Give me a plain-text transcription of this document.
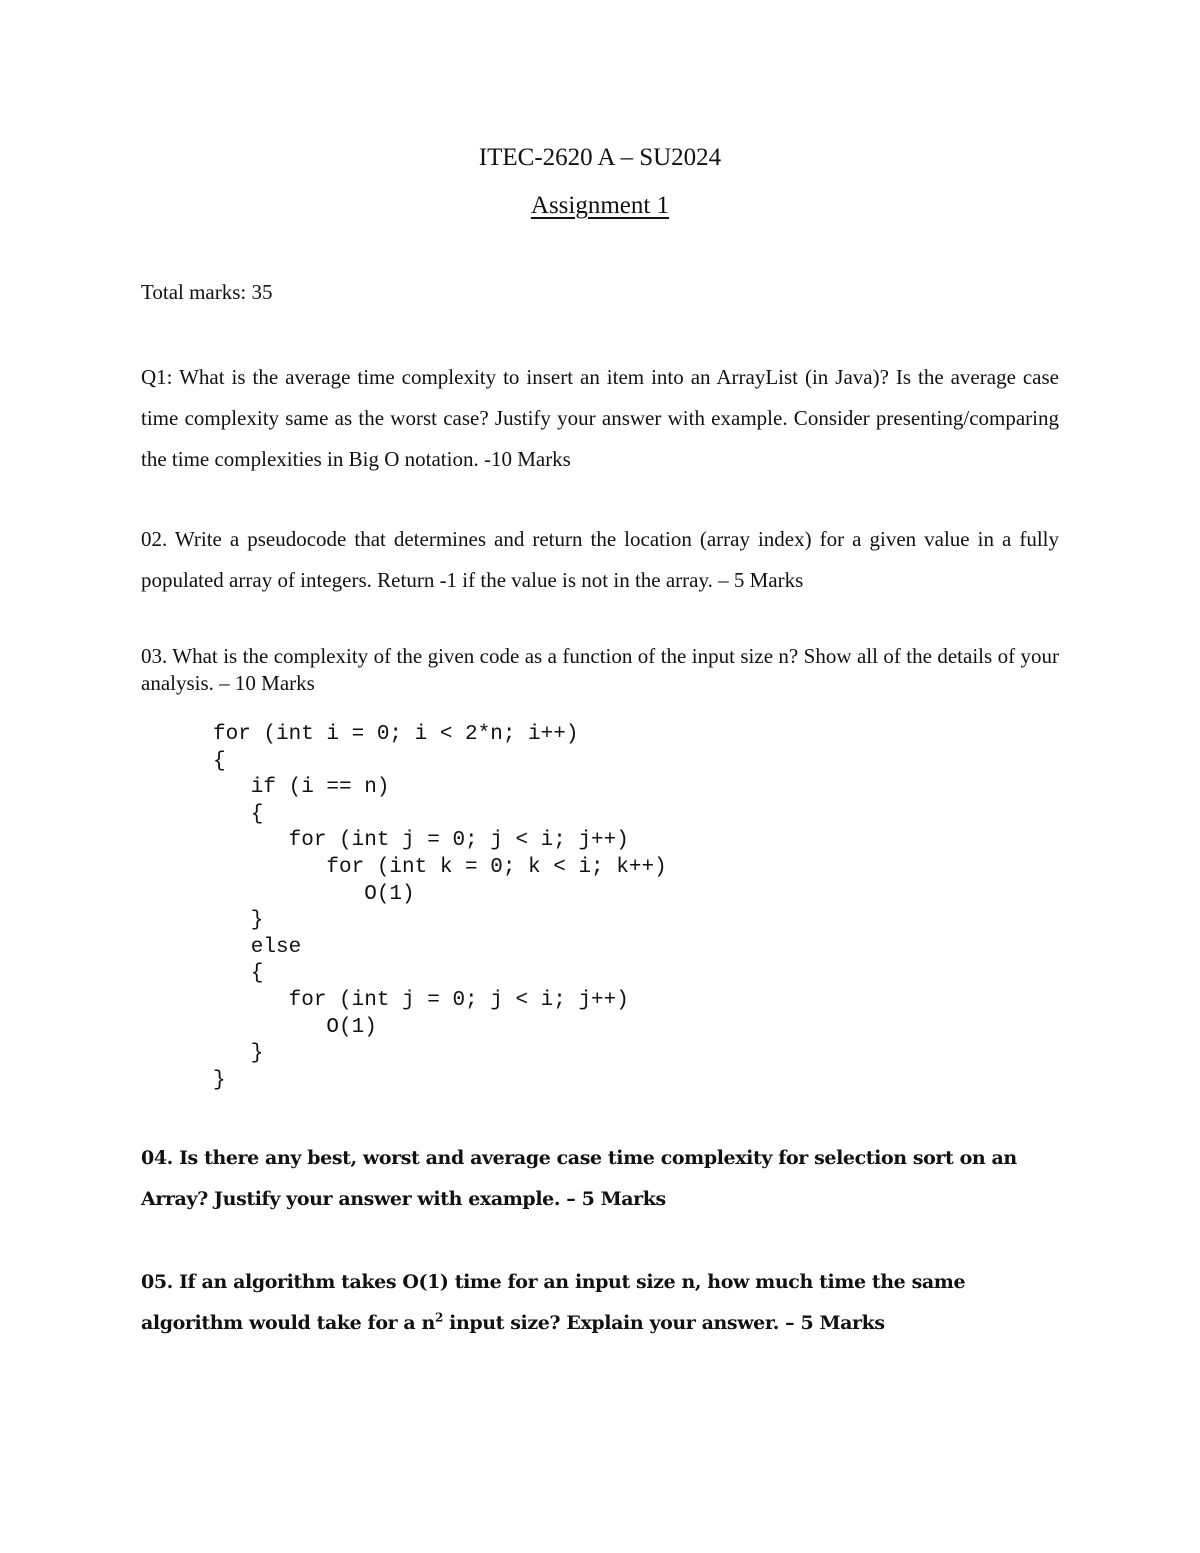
ITEC-2620 A – SU2024
Assignment 1
Total marks: 35
Q1: What is the average time complexity to insert an item into an ArrayList (in Java)? Is the average case time complexity same as the worst case? Justify your answer with example. Consider presenting/comparing the time complexities in Big O notation. -10 Marks
02. Write a pseudocode that determines and return the location (array index) for a given value in a fully populated array of integers. Return -1 if the value is not in the array. – 5 Marks
03. What is the complexity of the given code as a function of the input size n? Show all of the details of your analysis. – 10 Marks
for (int i = 0; i < 2*n; i++)
{
if (i == n)
{
for (int j = 0; j < i; j++)
for (int k = 0; k < i; k++)
O(1)
}
else
{
for (int j = 0; j < i; j++)
O(1)
}
}
04. Is there any best, worst and average case time complexity for selection sort on an Array? Justify your answer with example. – 5 Marks
05. If an algorithm takes O(1) time for an input size n, how much time the same algorithm would take for a $n^2$ input size? Explain your answer. – 5 Marks
